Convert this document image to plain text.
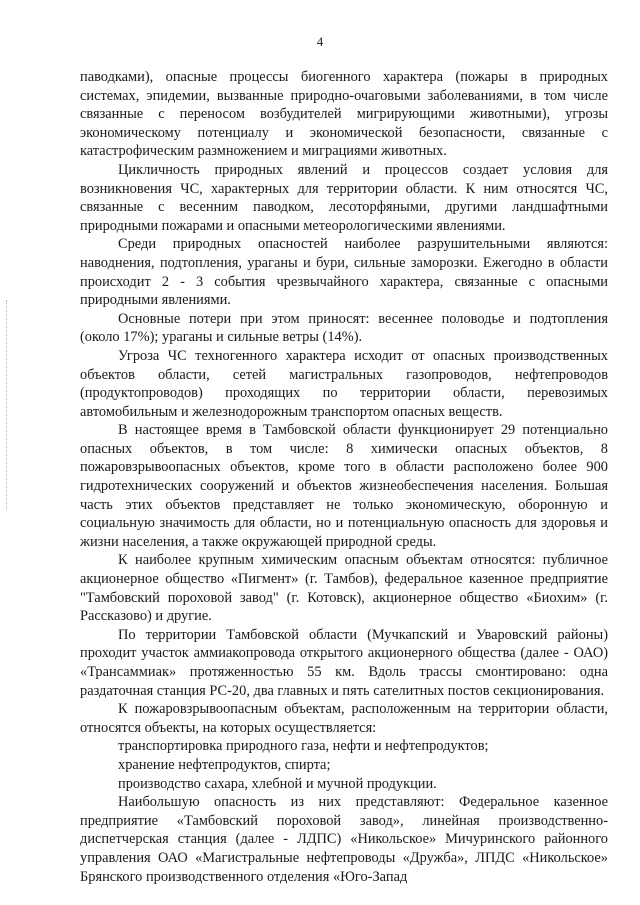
4

паводками), опасные процессы биогенного характера (пожары в природных системах, эпидемии, вызванные природно-очаговыми заболеваниями, в том числе связанные с переносом возбудителей мигрирующими животными), угрозы экономическому потенциалу и экономической безопасности, связанные с катастрофическим размножением и миграциями животных.

Цикличность природных явлений и процессов создает условия для возникновения ЧС, характерных для территории области. К ним относятся ЧС, связанные с весенним паводком, лесоторфяными, другими ландшафтными природными пожарами и опасными метеорологическими явлениями.

Среди природных опасностей наиболее разрушительными являются: наводнения, подтопления, ураганы и бури, сильные заморозки. Ежегодно в области происходит 2 - 3 события чрезвычайного характера, связанные с опасными природными явлениями.

Основные потери при этом приносят: весеннее половодье и подтопления (около 17%); ураганы и сильные ветры (14%).

Угроза ЧС техногенного характера исходит от опасных производственных объектов области, сетей магистральных газопроводов, нефтепроводов (продуктопроводов) проходящих по территории области, перевозимых автомобильным и железнодорожным транспортом опасных веществ.

В настоящее время в Тамбовской области функционирует 29 потенциально опасных объектов, в том числе: 8 химически опасных объектов, 8 пожаровзрывоопасных объектов, кроме того в области расположено более 900 гидротехнических сооружений и объектов жизнеобеспечения населения. Большая часть этих объектов представляет не только экономическую, оборонную и социальную значимость для области, но и потенциальную опасность для здоровья и жизни населения, а также окружающей природной среды.

К наиболее крупным химическим опасным объектам относятся: публичное акционерное общество «Пигмент» (г. Тамбов), федеральное казенное предприятие "Тамбовский пороховой завод" (г. Котовск), акционерное общество «Биохим» (г. Рассказово) и другие.

По территории Тамбовской области (Мучкапский и Уваровский районы) проходит участок аммиакопровода открытого акционерного общества (далее - ОАО) «Трансаммиак» протяженностью 55 км. Вдоль трассы смонтировано: одна раздаточная станция РС-20, два главных и пять сателитных постов секционирования.

К пожаровзрывоопасным объектам, расположенным на территории области, относятся объекты, на которых осуществляется:

транспортировка природного газа, нефти и нефтепродуктов;

хранение нефтепродуктов, спирта;

производство сахара, хлебной и мучной продукции.

Наибольшую опасность из них представляют: Федеральное казенное предприятие «Тамбовский пороховой завод», линейная производственно-диспетчерская станция (далее - ЛДПС) «Никольское» Мичуринского районного управления ОАО «Магистральные нефтепроводы «Дружба», ЛПДС «Никольское» Брянского производственного отделения «Юго-Запад
